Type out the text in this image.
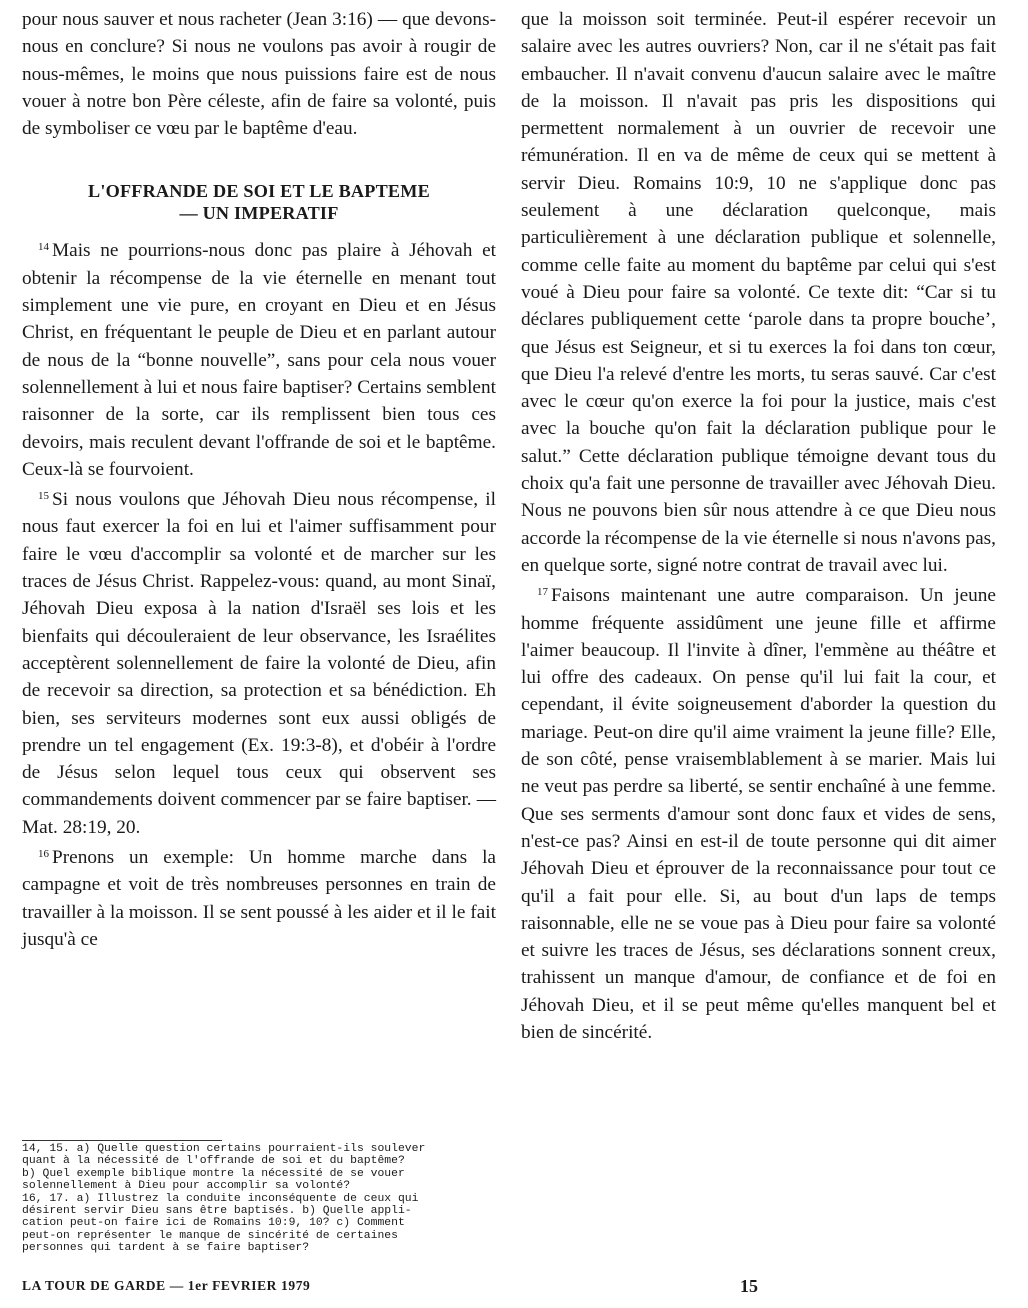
pour nous sauver et nous racheter (Jean 3:16) — que devons-nous en conclure? Si nous ne voulons pas avoir à rougir de nous-mêmes, le moins que nous puissions faire est de nous vouer à notre bon Père céleste, afin de faire sa volonté, puis de symboliser ce vœu par le baptême d'eau.

L'OFFRANDE DE SOI ET LE BAPTEME
— UN IMPERATIF

$^{14}$ Mais ne pourrions-nous donc pas plaire à Jéhovah et obtenir la récompense de la vie éternelle en menant tout simplement une vie pure, en croyant en Dieu et en Jésus Christ, en fréquentant le peuple de Dieu et en parlant autour de nous de la “bonne nouvelle”, sans pour cela nous vouer solennellement à lui et nous faire baptiser? Certains semblent raisonner de la sorte, car ils remplissent bien tous ces devoirs, mais reculent devant l'offrande de soi et le baptême. Ceux-là se fourvoient.

$^{15}$ Si nous voulons que Jéhovah Dieu nous récompense, il nous faut exercer la foi en lui et l'aimer suffisamment pour faire le vœu d'accomplir sa volonté et de marcher sur les traces de Jésus Christ. Rappelez-vous: quand, au mont Sinaï, Jéhovah Dieu exposa à la nation d'Israël ses lois et les bienfaits qui découleraient de leur observance, les Israélites acceptèrent solennellement de faire la volonté de Dieu, afin de recevoir sa direction, sa protection et sa bénédiction. Eh bien, ses serviteurs modernes sont eux aussi obligés de prendre un tel engagement (Ex. 19:3-8), et d'obéir à l'ordre de Jésus selon lequel tous ceux qui observent ses commandements doivent commencer par se faire baptiser. — Mat. 28:19, 20.

$^{16}$ Prenons un exemple: Un homme marche dans la campagne et voit de très nombreuses personnes en train de travailler à la moisson. Il se sent poussé à les aider et il le fait jusqu'à ce

14, 15. a) Quelle question certains pourraient-ils soulever
quant à la nécessité de l'offrande de soi et du baptême?
b) Quel exemple biblique montre la nécessité de se vouer
solennellement à Dieu pour accomplir sa volonté?
16, 17. a) Illustrez la conduite inconséquente de ceux qui
désirent servir Dieu sans être baptisés. b) Quelle appli-
cation peut-on faire ici de Romains 10:9, 10? c) Comment
peut-on représenter le manque de sincérité de certaines
personnes qui tardent à se faire baptiser?

que la moisson soit terminée. Peut-il espérer recevoir un salaire avec les autres ouvriers? Non, car il ne s'était pas fait embaucher. Il n'avait convenu d'aucun salaire avec le maître de la moisson. Il n'avait pas pris les dispositions qui permettent normalement à un ouvrier de recevoir une rémunération. Il en va de même de ceux qui se mettent à servir Dieu. Romains 10:9, 10 ne s'applique donc pas seulement à une déclaration quelconque, mais particulièrement à une déclaration publique et solennelle, comme celle faite au moment du baptême par celui qui s'est voué à Dieu pour faire sa volonté. Ce texte dit: “Car si tu déclares publiquement cette ‘parole dans ta propre bouche’, que Jésus est Seigneur, et si tu exerces la foi dans ton cœur, que Dieu l'a relevé d'entre les morts, tu seras sauvé. Car c'est avec le cœur qu'on exerce la foi pour la justice, mais c'est avec la bouche qu'on fait la déclaration publique pour le salut.” Cette déclaration publique témoigne devant tous du choix qu'a fait une personne de travailler avec Jéhovah Dieu. Nous ne pouvons bien sûr nous attendre à ce que Dieu nous accorde la récompense de la vie éternelle si nous n'avons pas, en quelque sorte, signé notre contrat de travail avec lui.

$^{17}$ Faisons maintenant une autre comparaison. Un jeune homme fréquente assidûment une jeune fille et affirme l'aimer beaucoup. Il l'invite à dîner, l'emmène au théâtre et lui offre des cadeaux. On pense qu'il lui fait la cour, et cependant, il évite soigneusement d'aborder la question du mariage. Peut-on dire qu'il aime vraiment la jeune fille? Elle, de son côté, pense vraisemblablement à se marier. Mais lui ne veut pas perdre sa liberté, se sentir enchaîné à une femme. Que ses serments d'amour sont donc faux et vides de sens, n'est-ce pas? Ainsi en est-il de toute personne qui dit aimer Jéhovah Dieu et éprouver de la reconnaissance pour tout ce qu'il a fait pour elle. Si, au bout d'un laps de temps raisonnable, elle ne se voue pas à Dieu pour faire sa volonté et suivre les traces de Jésus, ses déclarations sonnent creux, trahissent un manque d'amour, de confiance et de foi en Jéhovah Dieu, et il se peut même qu'elles manquent bel et bien de sincérité.

LA TOUR DE GARDE — 1er FEVRIER 1979	15
